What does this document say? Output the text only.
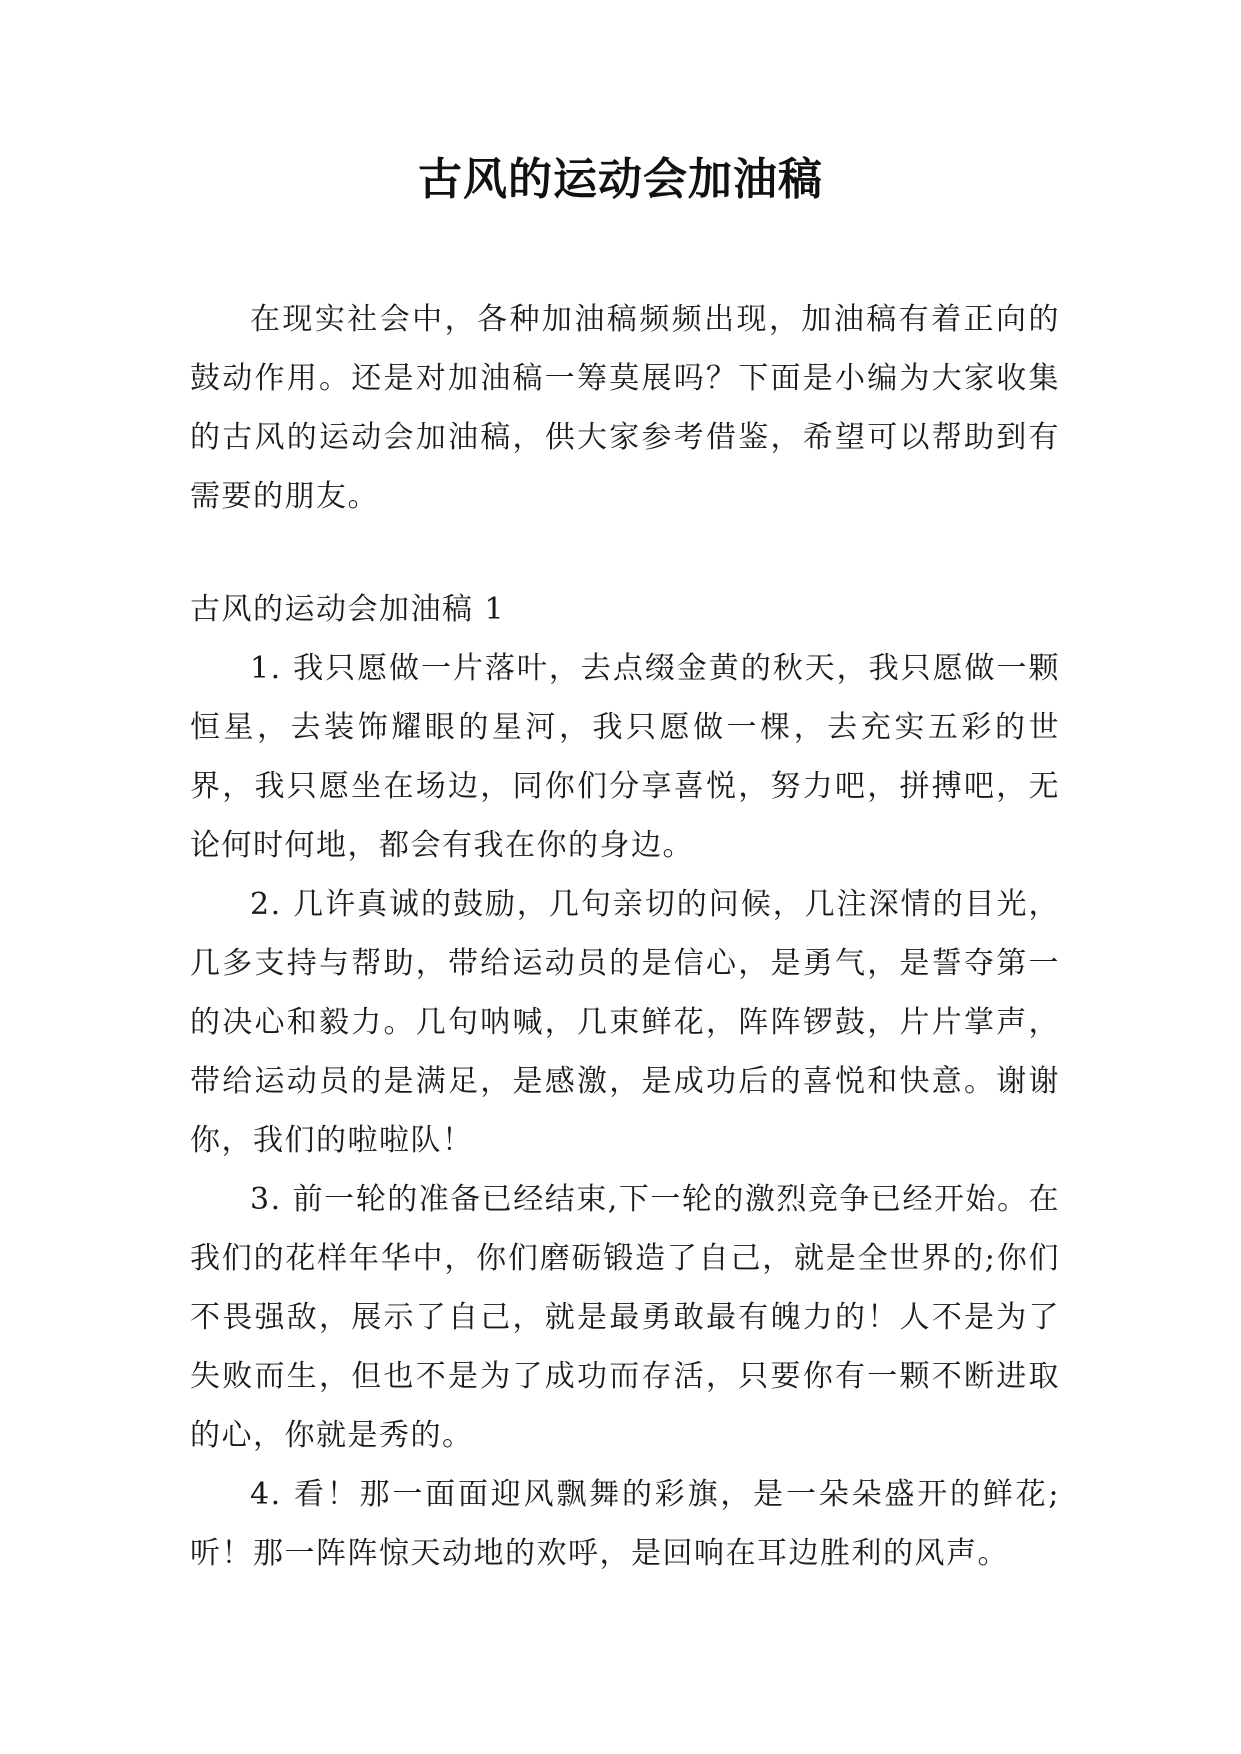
古风的运动会加油稿

在现实社会中，各种加油稿频频出现，加油稿有着正向的鼓动作用。还是对加油稿一筹莫展吗？下面是小编为大家收集的古风的运动会加油稿，供大家参考借鉴，希望可以帮助到有需要的朋友。

古风的运动会加油稿 1

1. 我只愿做一片落叶，去点缀金黄的秋天，我只愿做一颗恒星，去装饰耀眼的星河，我只愿做一棵，去充实五彩的世界，我只愿坐在场边，同你们分享喜悦，努力吧，拼搏吧，无论何时何地，都会有我在你的身边。

2. 几许真诚的鼓励，几句亲切的问候，几注深情的目光，几多支持与帮助，带给运动员的是信心，是勇气，是誓夺第一的决心和毅力。几句呐喊，几束鲜花，阵阵锣鼓，片片掌声，带给运动员的是满足，是感激，是成功后的喜悦和快意。谢谢你，我们的啦啦队！

3. 前一轮的准备已经结束,下一轮的激烈竞争已经开始。在我们的花样年华中，你们磨砺锻造了自己，就是全世界的;你们不畏强敌，展示了自己，就是最勇敢最有魄力的！人不是为了失败而生，但也不是为了成功而存活，只要你有一颗不断进取的心，你就是秀的。

4. 看！那一面面迎风飘舞的彩旗，是一朵朵盛开的鲜花;听！那一阵阵惊天动地的欢呼，是回响在耳边胜利的风声。
